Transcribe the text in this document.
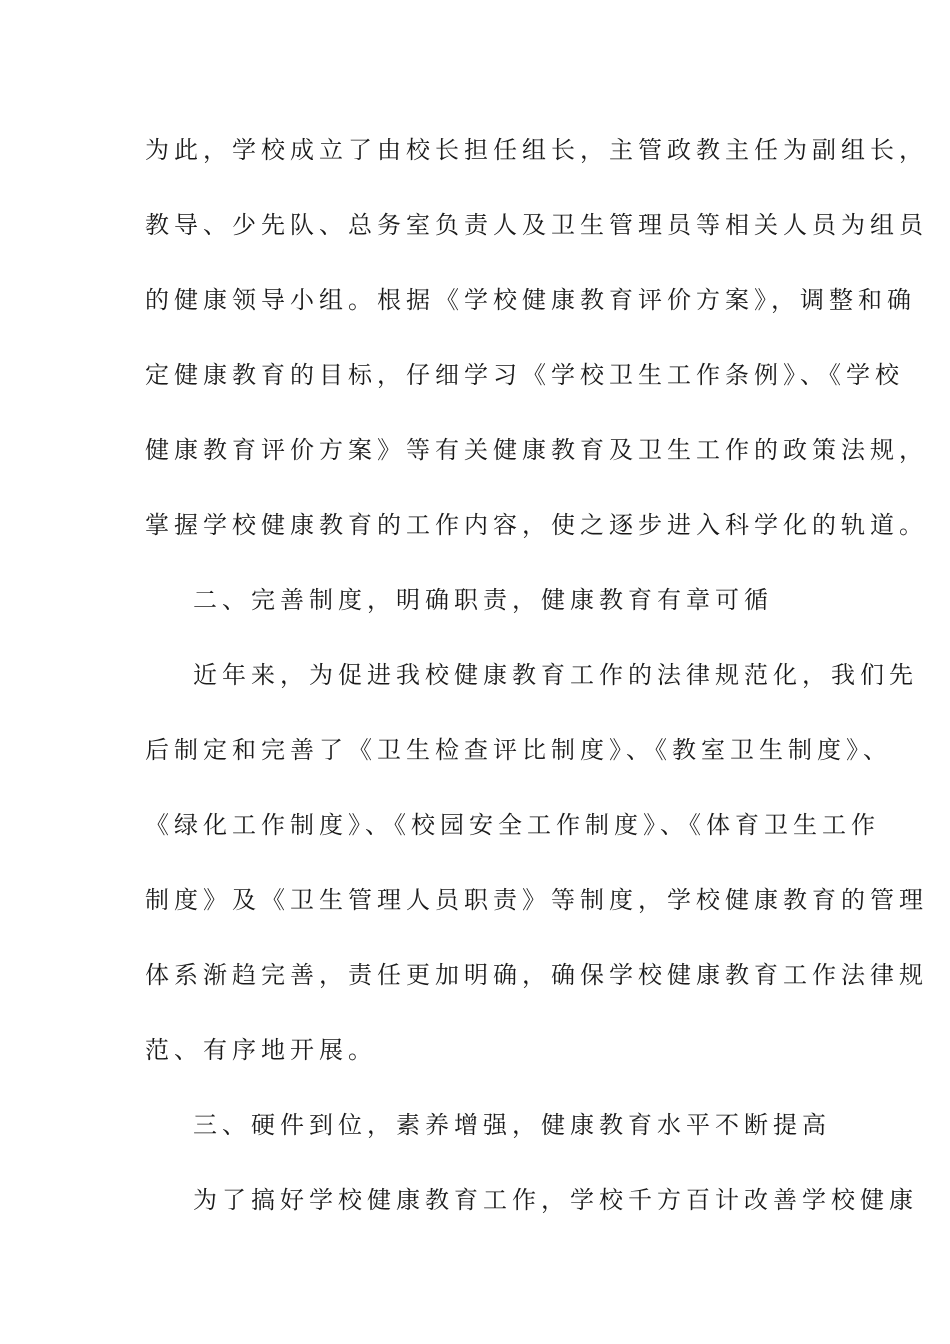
为此，学校成立了由校长担任组长，主管政教主任为副组长，

教导、少先队、总务室负责人及卫生管理员等相关人员为组员

的健康领导小组。根据《学校健康教育评价方案》，调整和确

定健康教育的目标，仔细学习《学校卫生工作条例》、《学校

健康教育评价方案》等有关健康教育及卫生工作的政策法规，

掌握学校健康教育的工作内容，使之逐步进入科学化的轨道。

二、完善制度，明确职责，健康教育有章可循

近年来，为促进我校健康教育工作的法律规范化，我们先

后制定和完善了《卫生检查评比制度》、《教室卫生制度》、

《绿化工作制度》、《校园安全工作制度》、《体育卫生工作

制度》及《卫生管理人员职责》等制度，学校健康教育的管理

体系渐趋完善，责任更加明确，确保学校健康教育工作法律规

范、有序地开展。

三、硬件到位，素养增强，健康教育水平不断提高

为了搞好学校健康教育工作，学校千方百计改善学校健康
